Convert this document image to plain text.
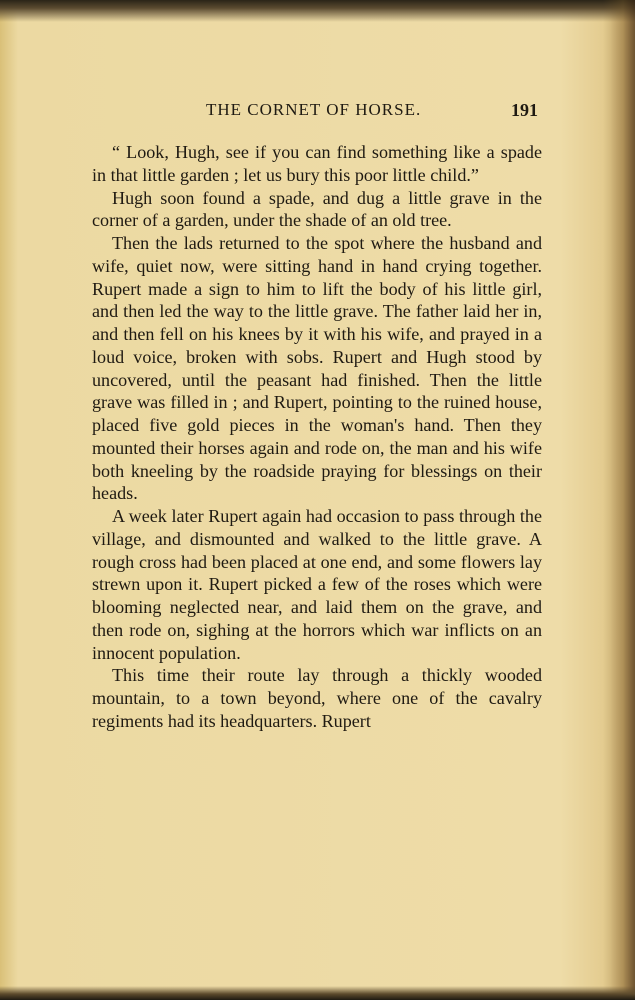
THE CORNET OF HORSE.	191

“ Look, Hugh, see if you can find something like a spade in that little garden ; let us bury this poor little child.”

Hugh soon found a spade, and dug a little grave in the corner of a garden, under the shade of an old tree.

Then the lads returned to the spot where the husband and wife, quiet now, were sitting hand in hand crying together. Rupert made a sign to him to lift the body of his little girl, and then led the way to the little grave. The father laid her in, and then fell on his knees by it with his wife, and prayed in a loud voice, broken with sobs. Rupert and Hugh stood by uncovered, until the peasant had finished. Then the little grave was filled in ; and Rupert, pointing to the ruined house, placed five gold pieces in the woman's hand. Then they mounted their horses again and rode on, the man and his wife both kneeling by the roadside praying for blessings on their heads.

A week later Rupert again had occasion to pass through the village, and dismounted and walked to the little grave. A rough cross had been placed at one end, and some flowers lay strewn upon it. Rupert picked a few of the roses which were blooming neglected near, and laid them on the grave, and then rode on, sighing at the horrors which war inflicts on an innocent population.

This time their route lay through a thickly wooded mountain, to a town beyond, where one of the cavalry regiments had its headquarters. Rupert
